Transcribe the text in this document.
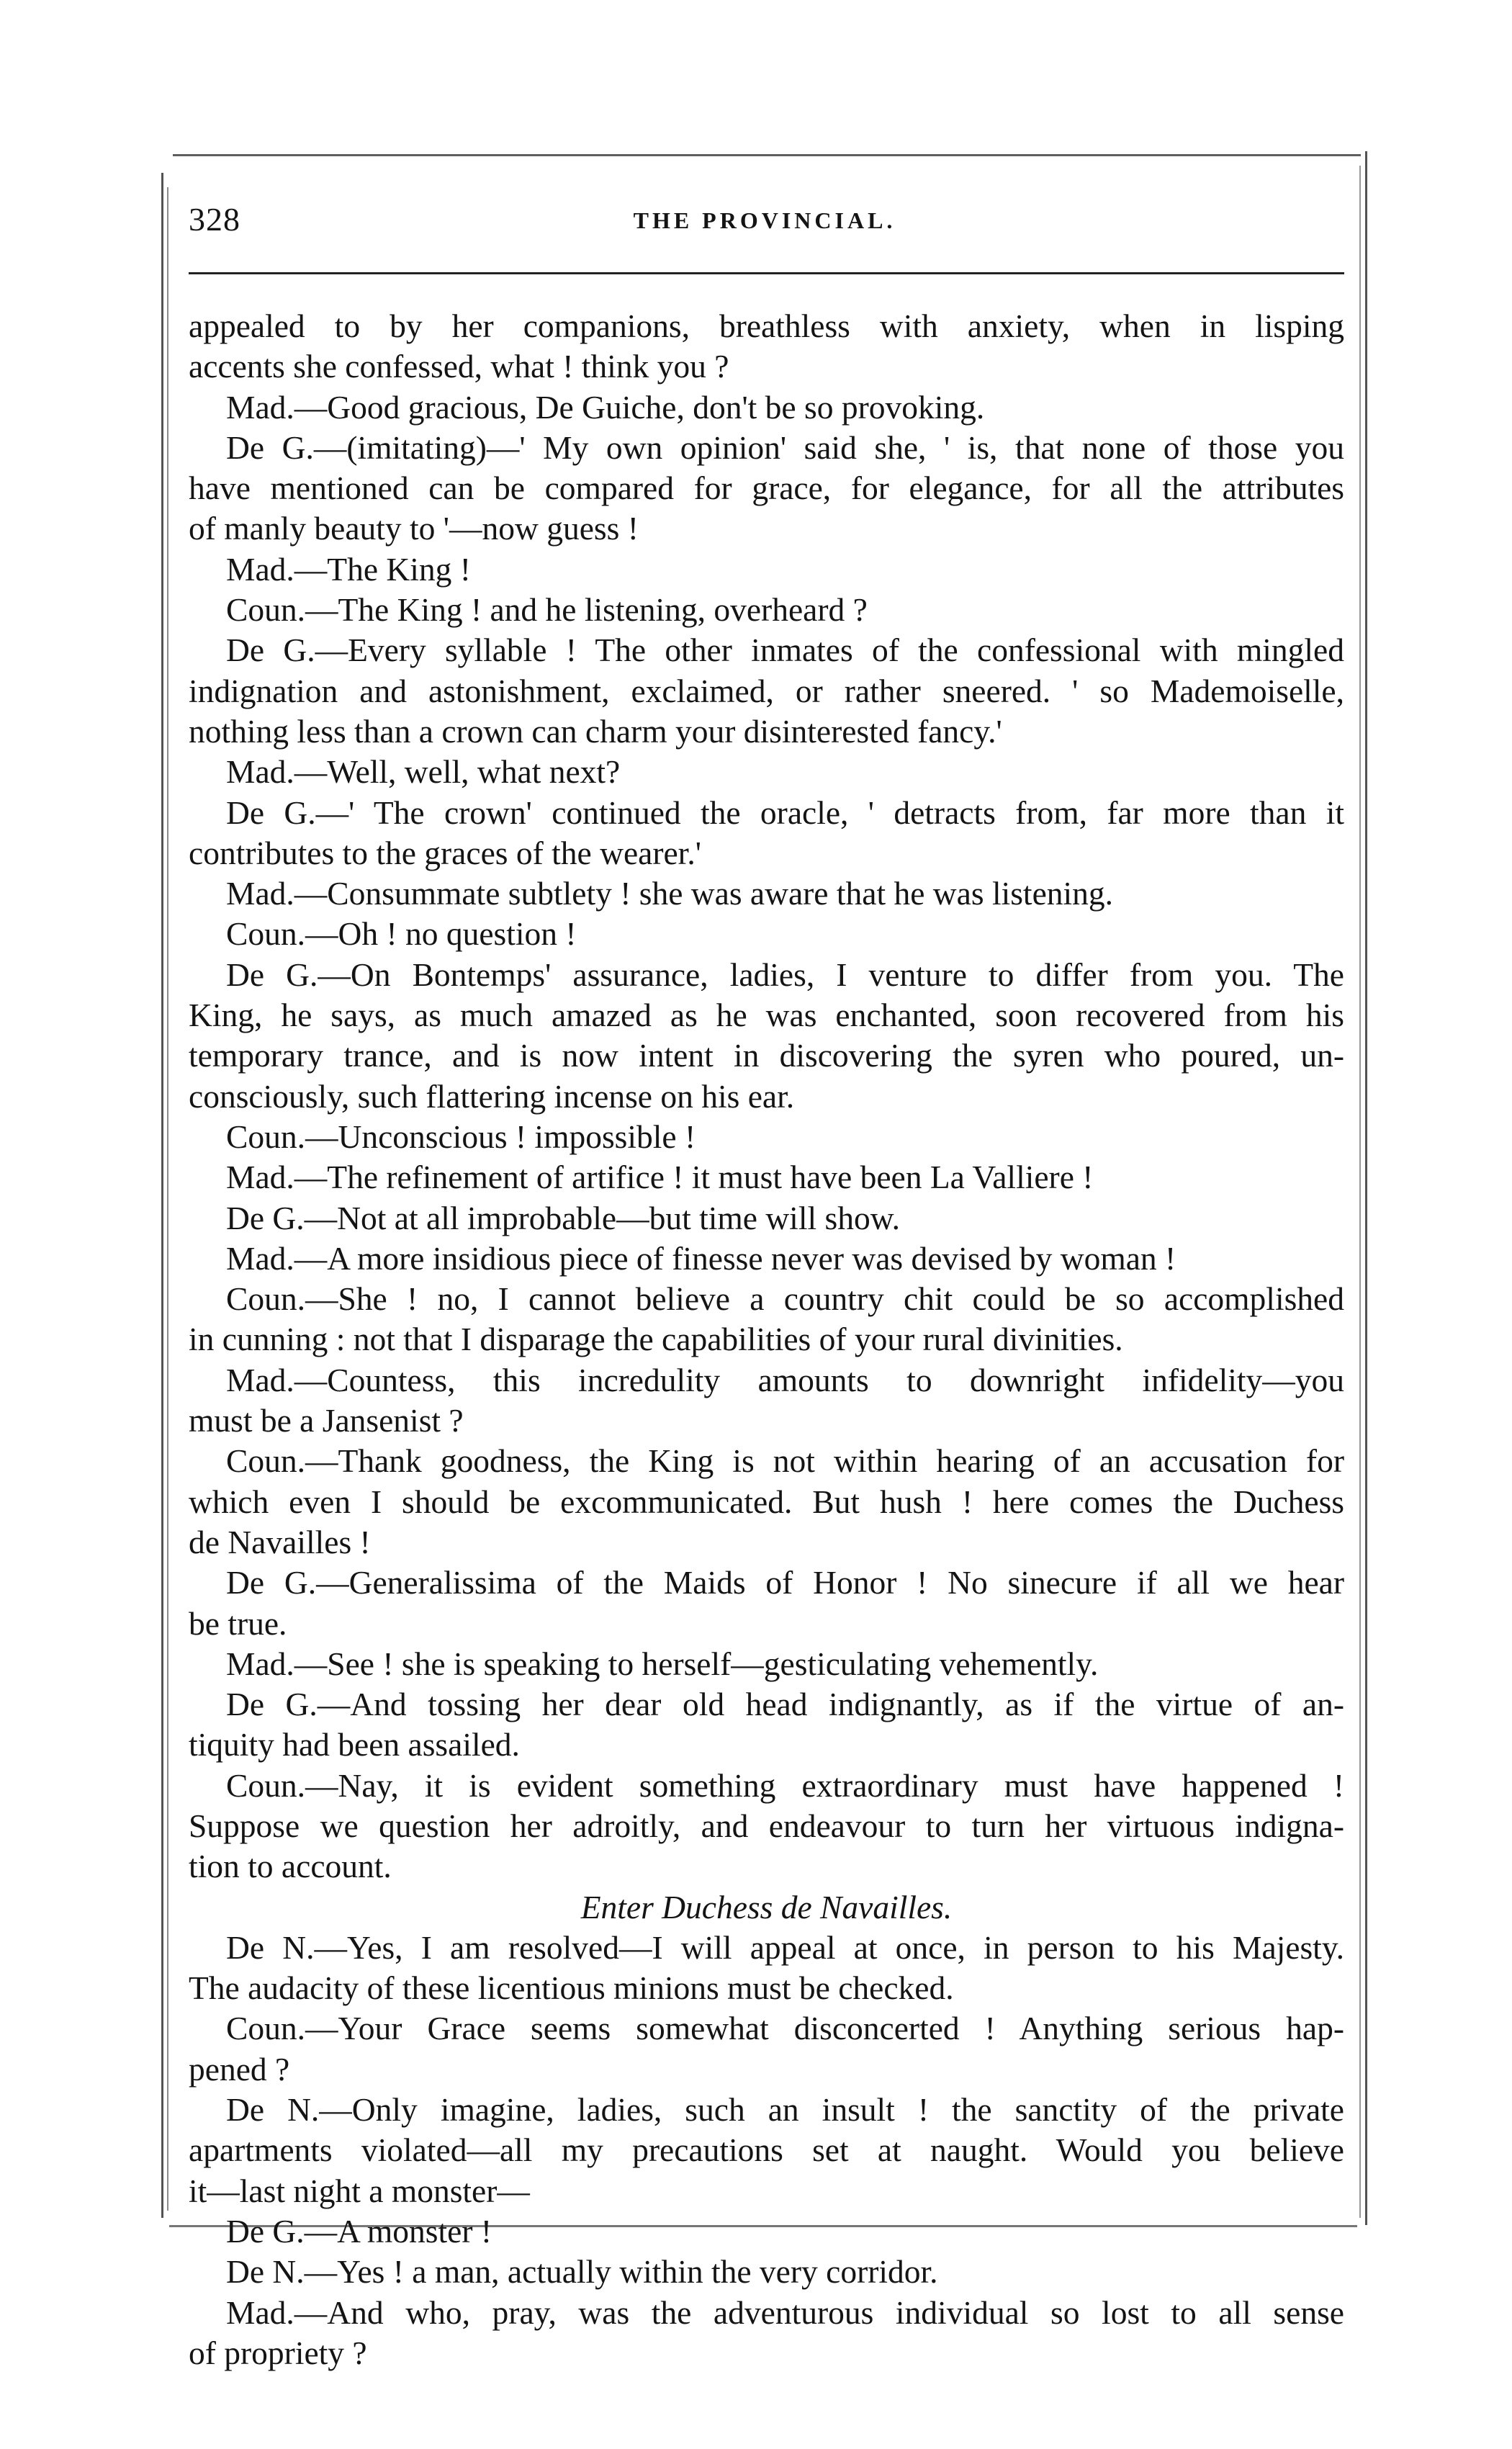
328	THE PROVINCIAL.
appealed to by her companions, breathless with anxiety, when in lisping
accents she confessed, what ! think you ?
Mad.—Good gracious, De Guiche, don't be so provoking.
De G.—(imitating)—' My own opinion' said she, ' is, that none of those you
have mentioned can be compared for grace, for elegance, for all the attributes
of manly beauty to '—now guess !
Mad.—The King !
Coun.—The King ! and he listening, overheard ?
De G.—Every syllable ! The other inmates of the confessional with mingled
indignation and astonishment, exclaimed, or rather sneered. ' so Mademoiselle,
nothing less than a crown can charm your disinterested fancy.'
Mad.—Well, well, what next?
De G.—' The crown' continued the oracle, ' detracts from, far more than it
contributes to the graces of the wearer.'
Mad.—Consummate subtlety ! she was aware that he was listening.
Coun.—Oh ! no question !
De G.—On Bontemps' assurance, ladies, I venture to differ from you. The
King, he says, as much amazed as he was enchanted, soon recovered from his
temporary trance, and is now intent in discovering the syren who poured, un-
consciously, such flattering incense on his ear.
Coun.—Unconscious ! impossible !
Mad.—The refinement of artifice ! it must have been La Valliere !
De G.—Not at all improbable—but time will show.
Mad.—A more insidious piece of finesse never was devised by woman !
Coun.—She ! no, I cannot believe a country chit could be so accomplished
in cunning : not that I disparage the capabilities of your rural divinities.
Mad.—Countess, this incredulity amounts to downright infidelity—you
must be a Jansenist ?
Coun.—Thank goodness, the King is not within hearing of an accusation for
which even I should be excommunicated. But hush ! here comes the Duchess
de Navailles !
De G.—Generalissima of the Maids of Honor ! No sinecure if all we hear
be true.
Mad.—See ! she is speaking to herself—gesticulating vehemently.
De G.—And tossing her dear old head indignantly, as if the virtue of an-
tiquity had been assailed.
Coun.—Nay, it is evident something extraordinary must have happened !
Suppose we question her adroitly, and endeavour to turn her virtuous indigna-
tion to account.
Enter Duchess de Navailles.
De N.—Yes, I am resolved—I will appeal at once, in person to his Majesty.
The audacity of these licentious minions must be checked.
Coun.—Your Grace seems somewhat disconcerted ! Anything serious hap-
pened ?
De N.—Only imagine, ladies, such an insult ! the sanctity of the private
apartments violated—all my precautions set at naught. Would you believe
it—last night a monster—
De G.—A monster !
De N.—Yes ! a man, actually within the very corridor.
Mad.—And who, pray, was the adventurous individual so lost to all sense
of propriety ?
